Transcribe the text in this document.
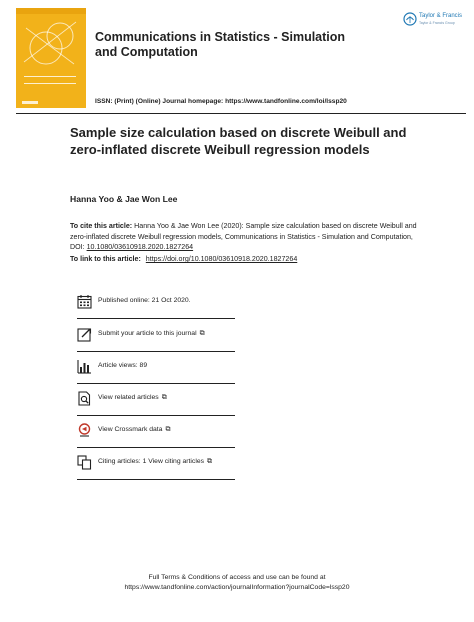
Communications in Statistics - Simulation and Computation
ISSN: (Print) (Online) Journal homepage: https://www.tandfonline.com/loi/lssp20
Taylor & Francis
Taylor & Francis Group
Sample size calculation based on discrete Weibull and zero-inflated discrete Weibull regression models
Hanna Yoo & Jae Won Lee
To cite this article: Hanna Yoo & Jae Won Lee (2020): Sample size calculation based on discrete Weibull and zero-inflated discrete Weibull regression models, Communications in Statistics - Simulation and Computation, DOI: 10.1080/03610918.2020.1827264
To link to this article: https://doi.org/10.1080/03610918.2020.1827264
Published online: 21 Oct 2020.
Submit your article to this journal ⧉
Article views: 89
View related articles ⧉
View Crossmark data ⧉
Citing articles: 1 View citing articles ⧉
Full Terms & Conditions of access and use can be found at
https://www.tandfonline.com/action/journalInformation?journalCode=lssp20
